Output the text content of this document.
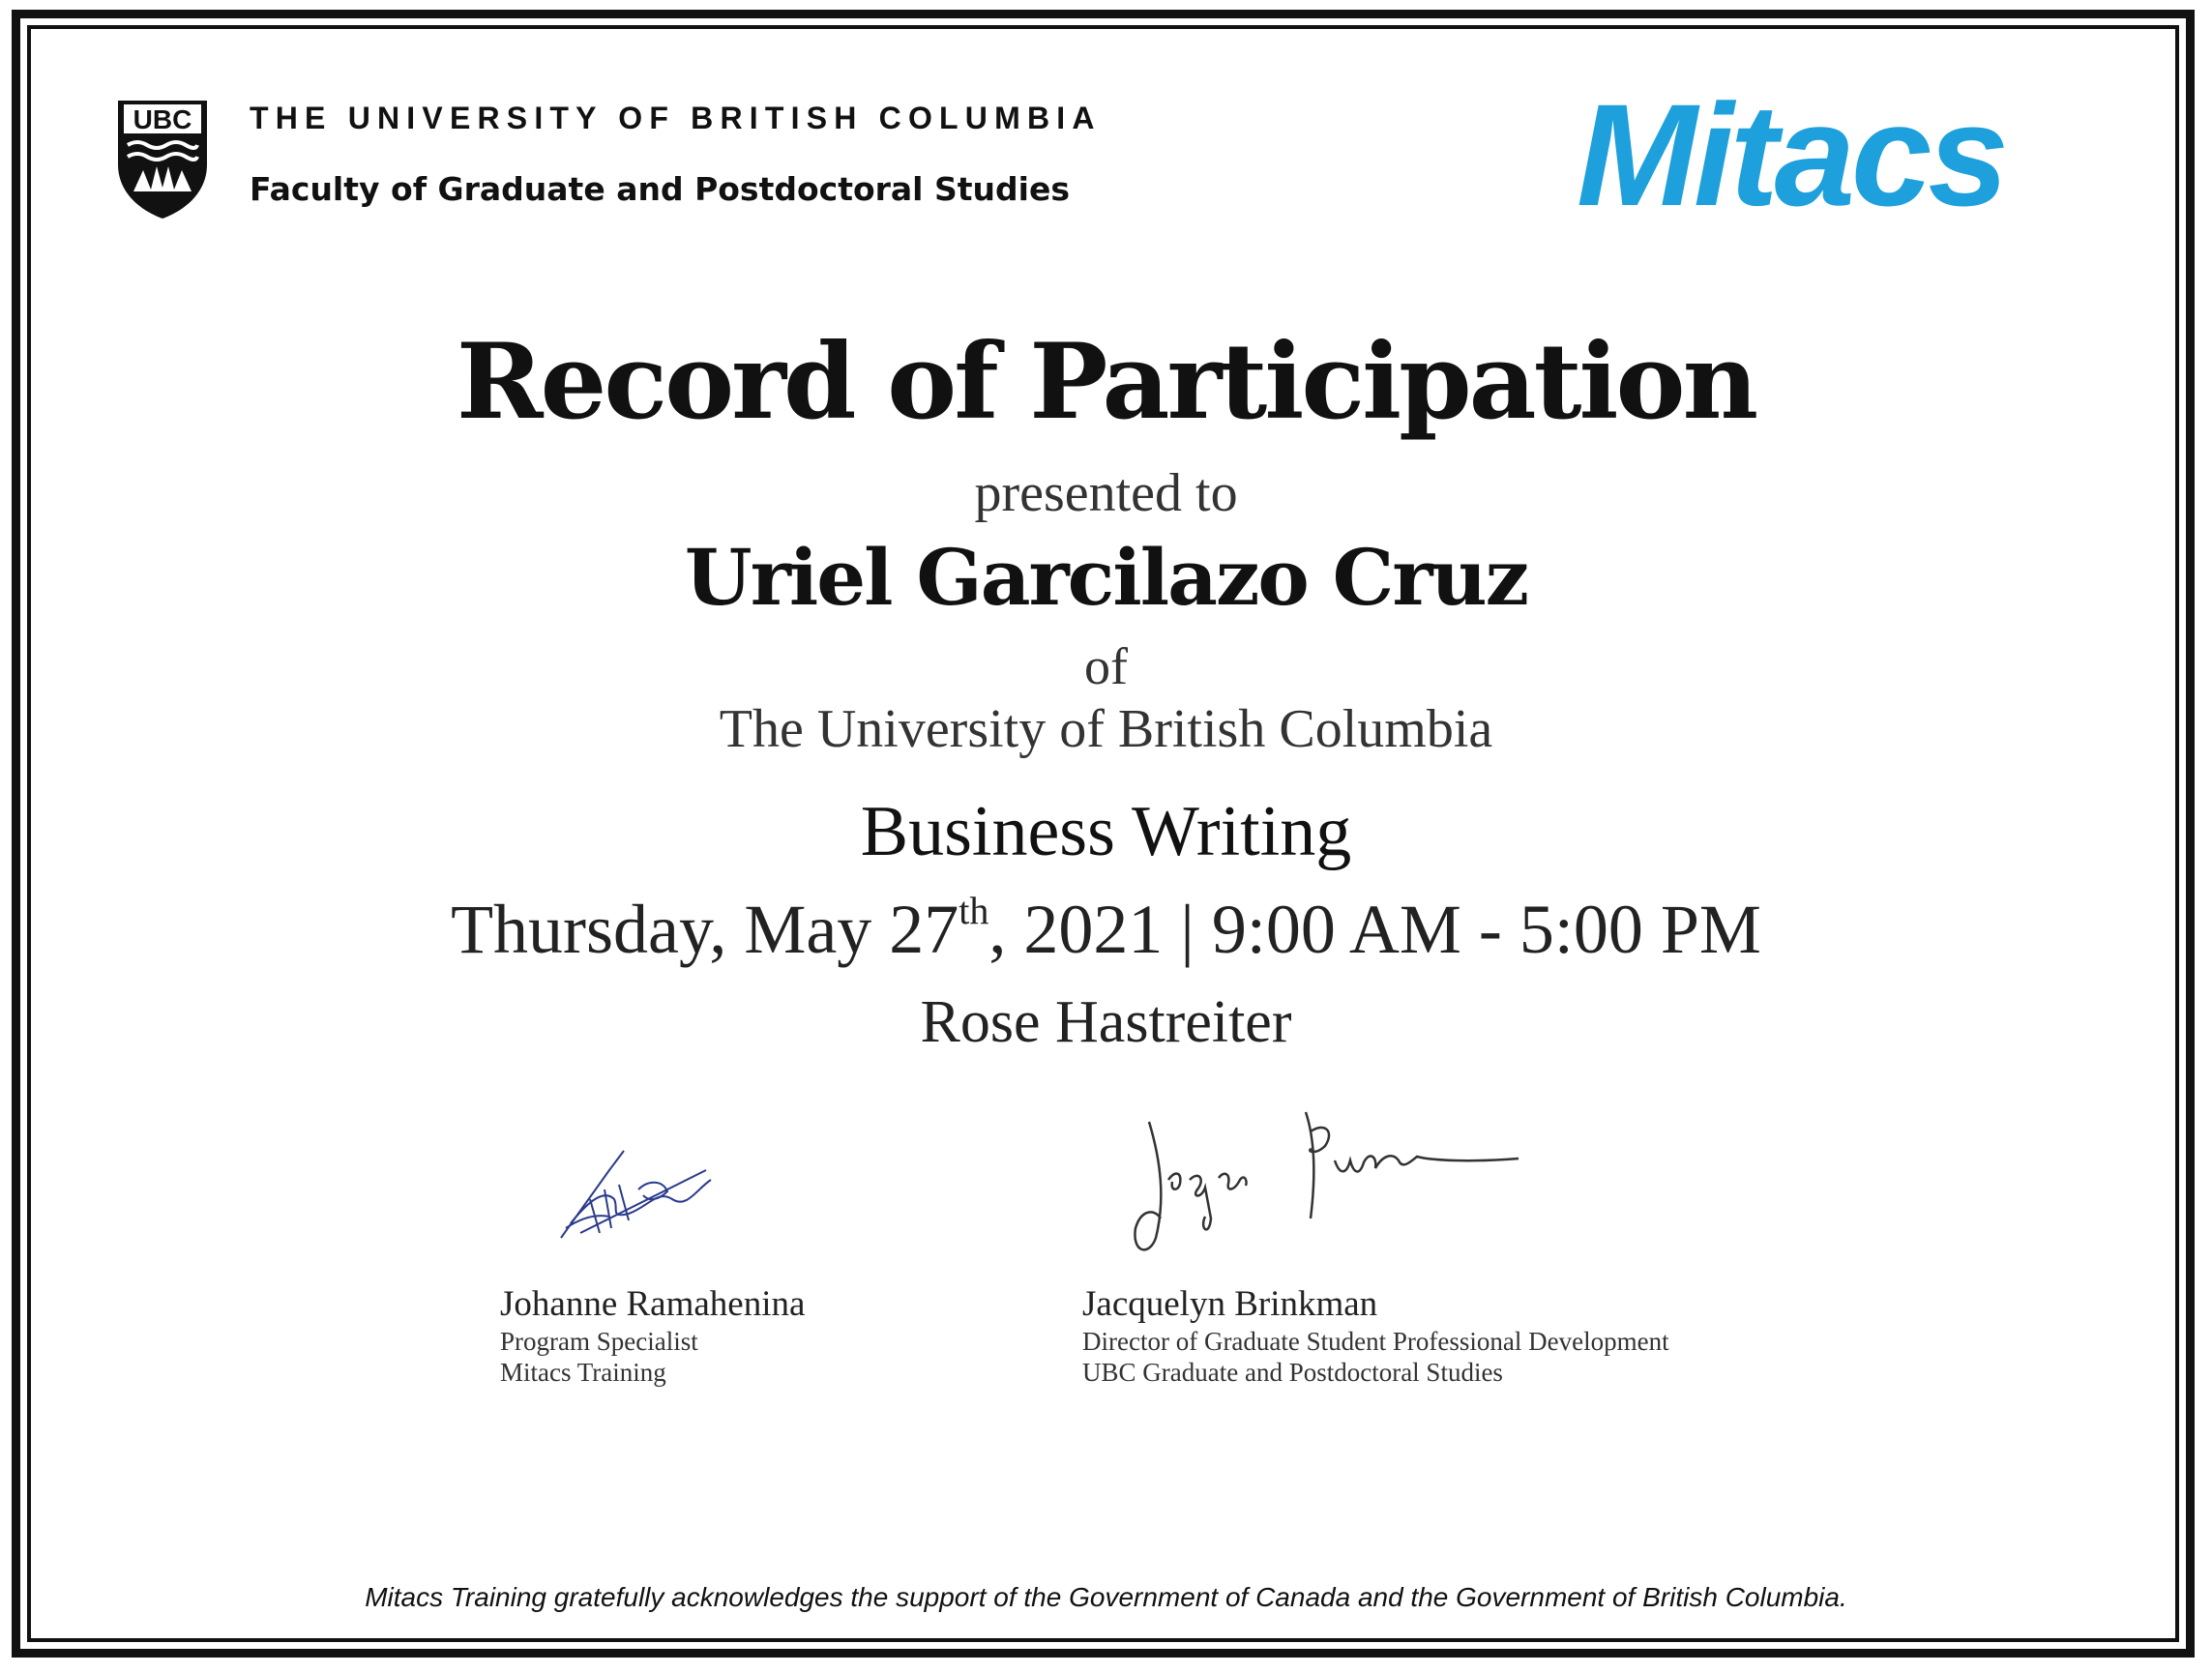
UBC THE UNIVERSITY OF BRITISH COLUMBIA
Faculty of Graduate and Postdoctoral Studies	Mitacs
Record of Participation
presented to
Uriel Garcilazo Cruz
of
The University of British Columbia
Business Writing
Thursday, May 27th, 2021 | 9:00 AM - 5:00 PM
Rose Hastreiter
Johanne Ramahenina
Program Specialist
Mitacs Training
Jacquelyn Brinkman
Director of Graduate Student Professional Development
UBC Graduate and Postdoctoral Studies
Mitacs Training gratefully acknowledges the support of the Government of Canada and the Government of British Columbia.
